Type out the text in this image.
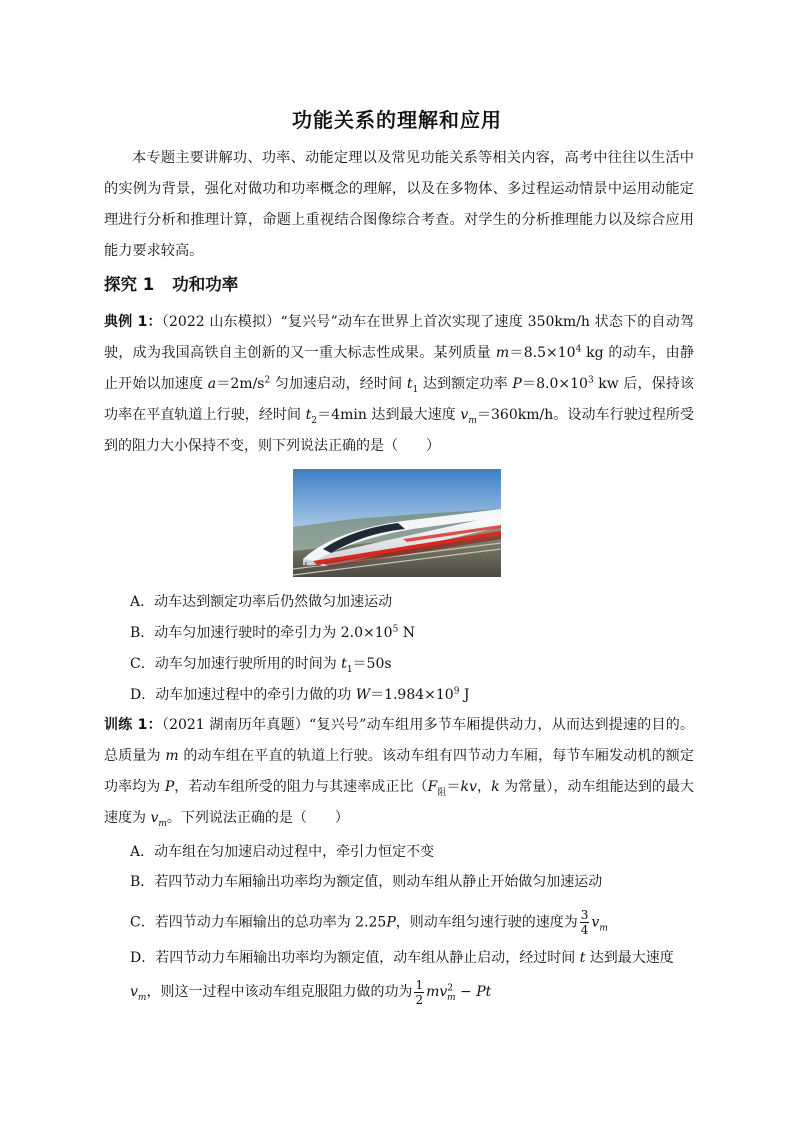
功能关系的理解和应用
本专题主要讲解功、功率、动能定理以及常见功能关系等相关内容，高考中往往以生活中的实例为背景，强化对做功和功率概念的理解，以及在多物体、多过程运动情景中运用动能定理进行分析和推理计算，命题上重视结合图像综合考查。对学生的分析推理能力以及综合应用能力要求较高。
探究 1 功和功率
典例 1：（2022 山东模拟）“复兴号”动车在世界上首次实现了速度 350km/h 状态下的自动驾驶，成为我国高铁自主创新的又一重大标志性成果。某列质量 $m=8.5\times 10^4$ kg 的动车，由静止开始以加速度 $a=2m/s^2$ 匀加速启动，经时间 $t_1$ 达到额定功率 $P=8.0\times 10^3$ kw 后，保持该功率在平直轨道上行驶，经时间 $t_2=4\min$ 达到最大速度 $v_m=360km/h$。设动车行驶过程所受到的阻力大小保持不变，则下列说法正确的是（　　）
A．动车达到额定功率后仍然做匀加速运动
B．动车匀加速行驶时的牵引力为 $2.0\times 10^5$ N
C．动车匀加速行驶所用的时间为 $t_1=50s$
D．动车加速过程中的牵引力做的功 $W=1.984\times 10^9$ J
训练 1：（2021 湖南历年真题）“复兴号”动车组用多节车厢提供动力，从而达到提速的目的。总质量为 m 的动车组在平直的轨道上行驶。该动车组有四节动力车厢，每节车厢发动机的额定功率均为 P，若动车组所受的阻力与其速率成正比（$F_阻=kv$，k 为常量），动车组能达到的最大速度为 $v_m$。下列说法正确的是（　　）
A．动车组在匀加速启动过程中，牵引力恒定不变
B．若四节动力车厢输出功率均为额定值，则动车组从静止开始做匀加速运动
C．若四节动力车厢输出的总功率为 2.25P，则动车组匀速行驶的速度为 $\frac{3}{4} v_m$
D．若四节动力车厢输出功率均为额定值，动车组从静止启动，经过时间 t 达到最大速度
$v_m$，则这一过程中该动车组克服阻力做的功为 $\frac{1}{2} mv^2_m - Pt$
